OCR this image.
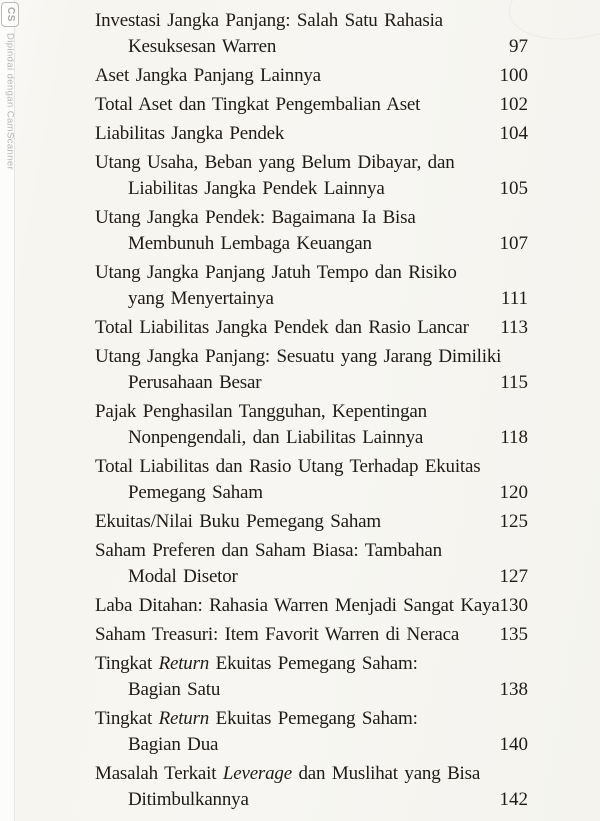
CS
Dipindai dengan CamScanner
Investasi Jangka Panjang: Salah Satu Rahasia
Kesuksesan Warren	97
Aset Jangka Panjang Lainnya	100
Total Aset dan Tingkat Pengembalian Aset	102
Liabilitas Jangka Pendek	104
Utang Usaha, Beban yang Belum Dibayar, dan
Liabilitas Jangka Pendek Lainnya	105
Utang Jangka Pendek: Bagaimana Ia Bisa
Membunuh Lembaga Keuangan	107
Utang Jangka Panjang Jatuh Tempo dan Risiko
yang Menyertainya	111
Total Liabilitas Jangka Pendek dan Rasio Lancar 113
Utang Jangka Panjang: Sesuatu yang Jarang Dimiliki
Perusahaan Besar	115
Pajak Penghasilan Tangguhan, Kepentingan
Nonpengendali, dan Liabilitas Lainnya	118
Total Liabilitas dan Rasio Utang Terhadap Ekuitas
Pemegang Saham	120
Ekuitas/Nilai Buku Pemegang Saham	125
Saham Preferen dan Saham Biasa: Tambahan
Modal Disetor	127
Laba Ditahan: Rahasia Warren Menjadi Sangat Kaya 130
Saham Treasuri: Item Favorit Warren di Neraca 135
Tingkat Return Ekuitas Pemegang Saham:
Bagian Satu	138
Tingkat Return Ekuitas Pemegang Saham:
Bagian Dua	140
Masalah Terkait Leverage dan Muslihat yang Bisa
Ditimbulkannya	142
